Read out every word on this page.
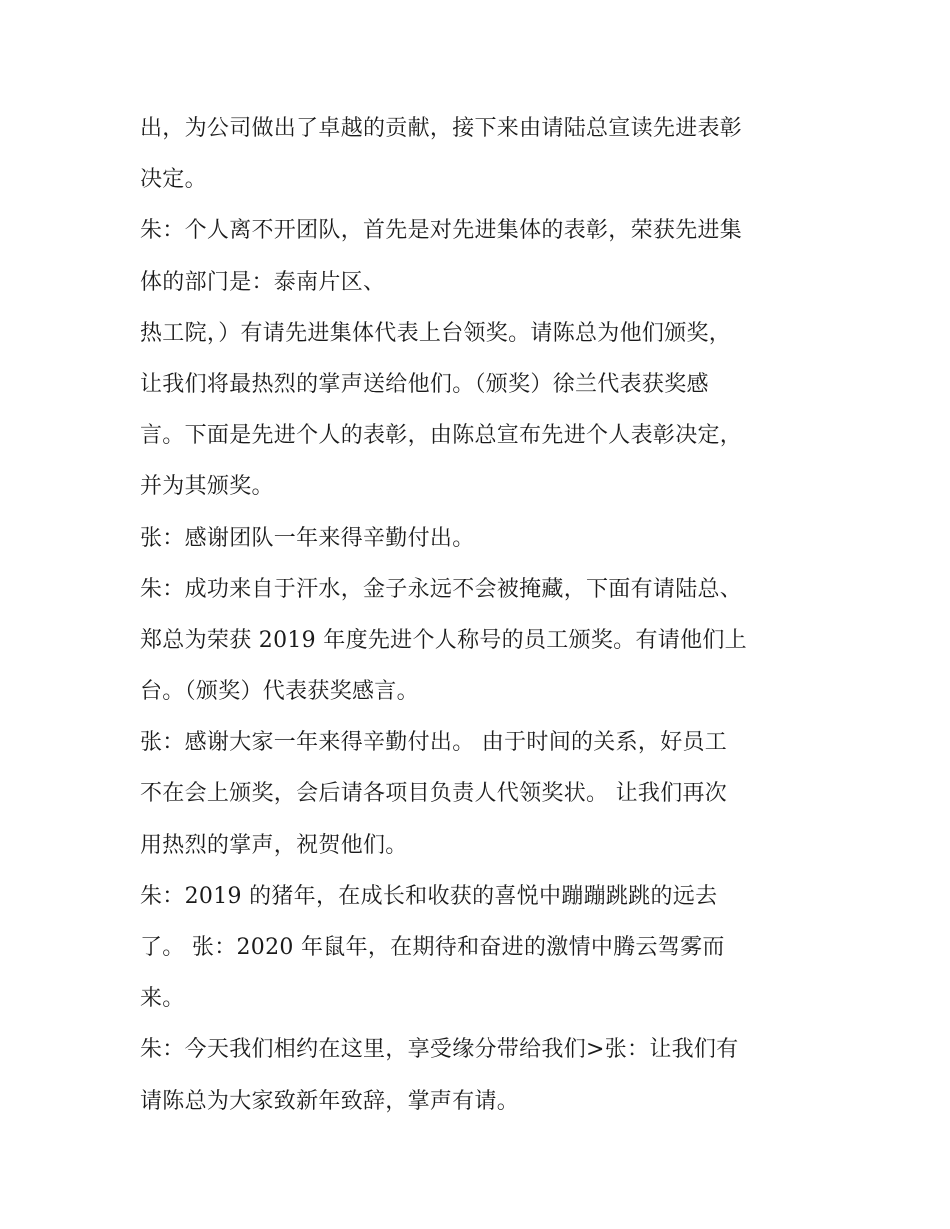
出，为公司做出了卓越的贡献，接下来由请陆总宣读先进表彰
决定。
朱：个人离不开团队，首先是对先进集体的表彰，荣获先进集
体的部门是：泰南片区、
热工院，）有请先进集体代表上台领奖。请陈总为他们颁奖，
让我们将最热烈的掌声送给他们。（颁奖）徐兰代表获奖感
言。下面是先进个人的表彰，由陈总宣布先进个人表彰决定，
并为其颁奖。
张：感谢团队一年来得辛勤付出。
朱：成功来自于汗水，金子永远不会被掩藏，下面有请陆总、
郑总为荣获 2019 年度先进个人称号的员工颁奖。有请他们上
台。（颁奖）代表获奖感言。
张：感谢大家一年来得辛勤付出。 由于时间的关系，好员工
不在会上颁奖，会后请各项目负责人代领奖状。 让我们再次
用热烈的掌声，祝贺他们。
朱：2019 的猪年，在成长和收获的喜悦中蹦蹦跳跳的远去
了。 张：2020 年鼠年，在期待和奋进的激情中腾云驾雾而
来。
朱：今天我们相约在这里，享受缘分带给我们>张：让我们有
请陈总为大家致新年致辞，掌声有请。
